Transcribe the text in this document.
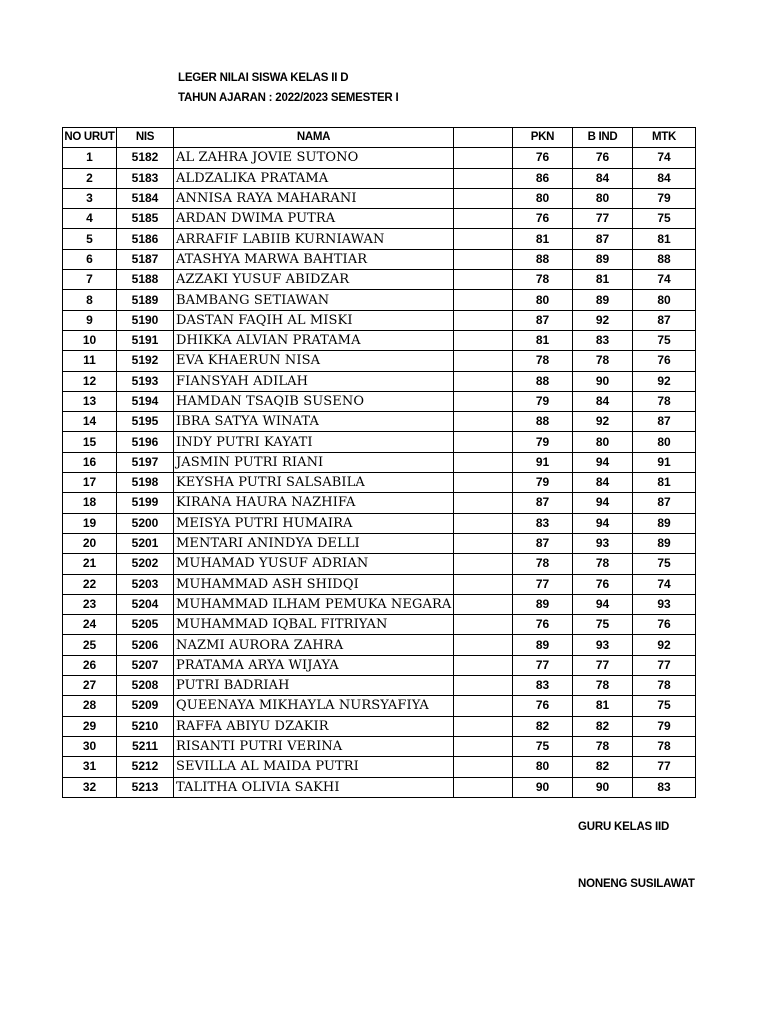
LEGER NILAI SISWA KELAS II D
TAHUN AJARAN : 2022/2023 SEMESTER I
NO URUT	NIS	NAMA		PKN	B IND	MTK
1	5182	AL ZAHRA JOVIE SUTONO		76	76	74
2	5183	ALDZALIKA PRATAMA		86	84	84
3	5184	ANNISA RAYA MAHARANI		80	80	79
4	5185	ARDAN DWIMA PUTRA		76	77	75
5	5186	ARRAFIF LABIIB KURNIAWAN		81	87	81
6	5187	ATASHYA MARWA BAHTIAR		88	89	88
7	5188	AZZAKI YUSUF ABIDZAR		78	81	74
8	5189	BAMBANG SETIAWAN		80	89	80
9	5190	DASTAN FAQIH AL MISKI		87	92	87
10	5191	DHIKKA ALVIAN PRATAMA		81	83	75
11	5192	EVA KHAERUN NISA		78	78	76
12	5193	FIANSYAH ADILAH		88	90	92
13	5194	HAMDAN TSAQIB SUSENO		79	84	78
14	5195	IBRA SATYA WINATA		88	92	87
15	5196	INDY PUTRI KAYATI		79	80	80
16	5197	JASMIN PUTRI RIANI		91	94	91
17	5198	KEYSHA PUTRI SALSABILA		79	84	81
18	5199	KIRANA HAURA NAZHIFA		87	94	87
19	5200	MEISYA PUTRI HUMAIRA		83	94	89
20	5201	MENTARI ANINDYA DELLI		87	93	89
21	5202	MUHAMAD YUSUF ADRIAN		78	78	75
22	5203	MUHAMMAD ASH SHIDQI		77	76	74
23	5204	MUHAMMAD ILHAM PEMUKA NEGARA		89	94	93
24	5205	MUHAMMAD IQBAL FITRIYAN		76	75	76
25	5206	NAZMI AURORA ZAHRA		89	93	92
26	5207	PRATAMA ARYA WIJAYA		77	77	77
27	5208	PUTRI BADRIAH		83	78	78
28	5209	QUEENAYA MIKHAYLA NURSYAFIYA		76	81	75
29	5210	RAFFA ABIYU DZAKIR		82	82	79
30	5211	RISANTI PUTRI VERINA		75	78	78
31	5212	SEVILLA AL MAIDA PUTRI		80	82	77
32	5213	TALITHA OLIVIA SAKHI		90	90	83
GURU KELAS IID
NONENG SUSILAWAT
